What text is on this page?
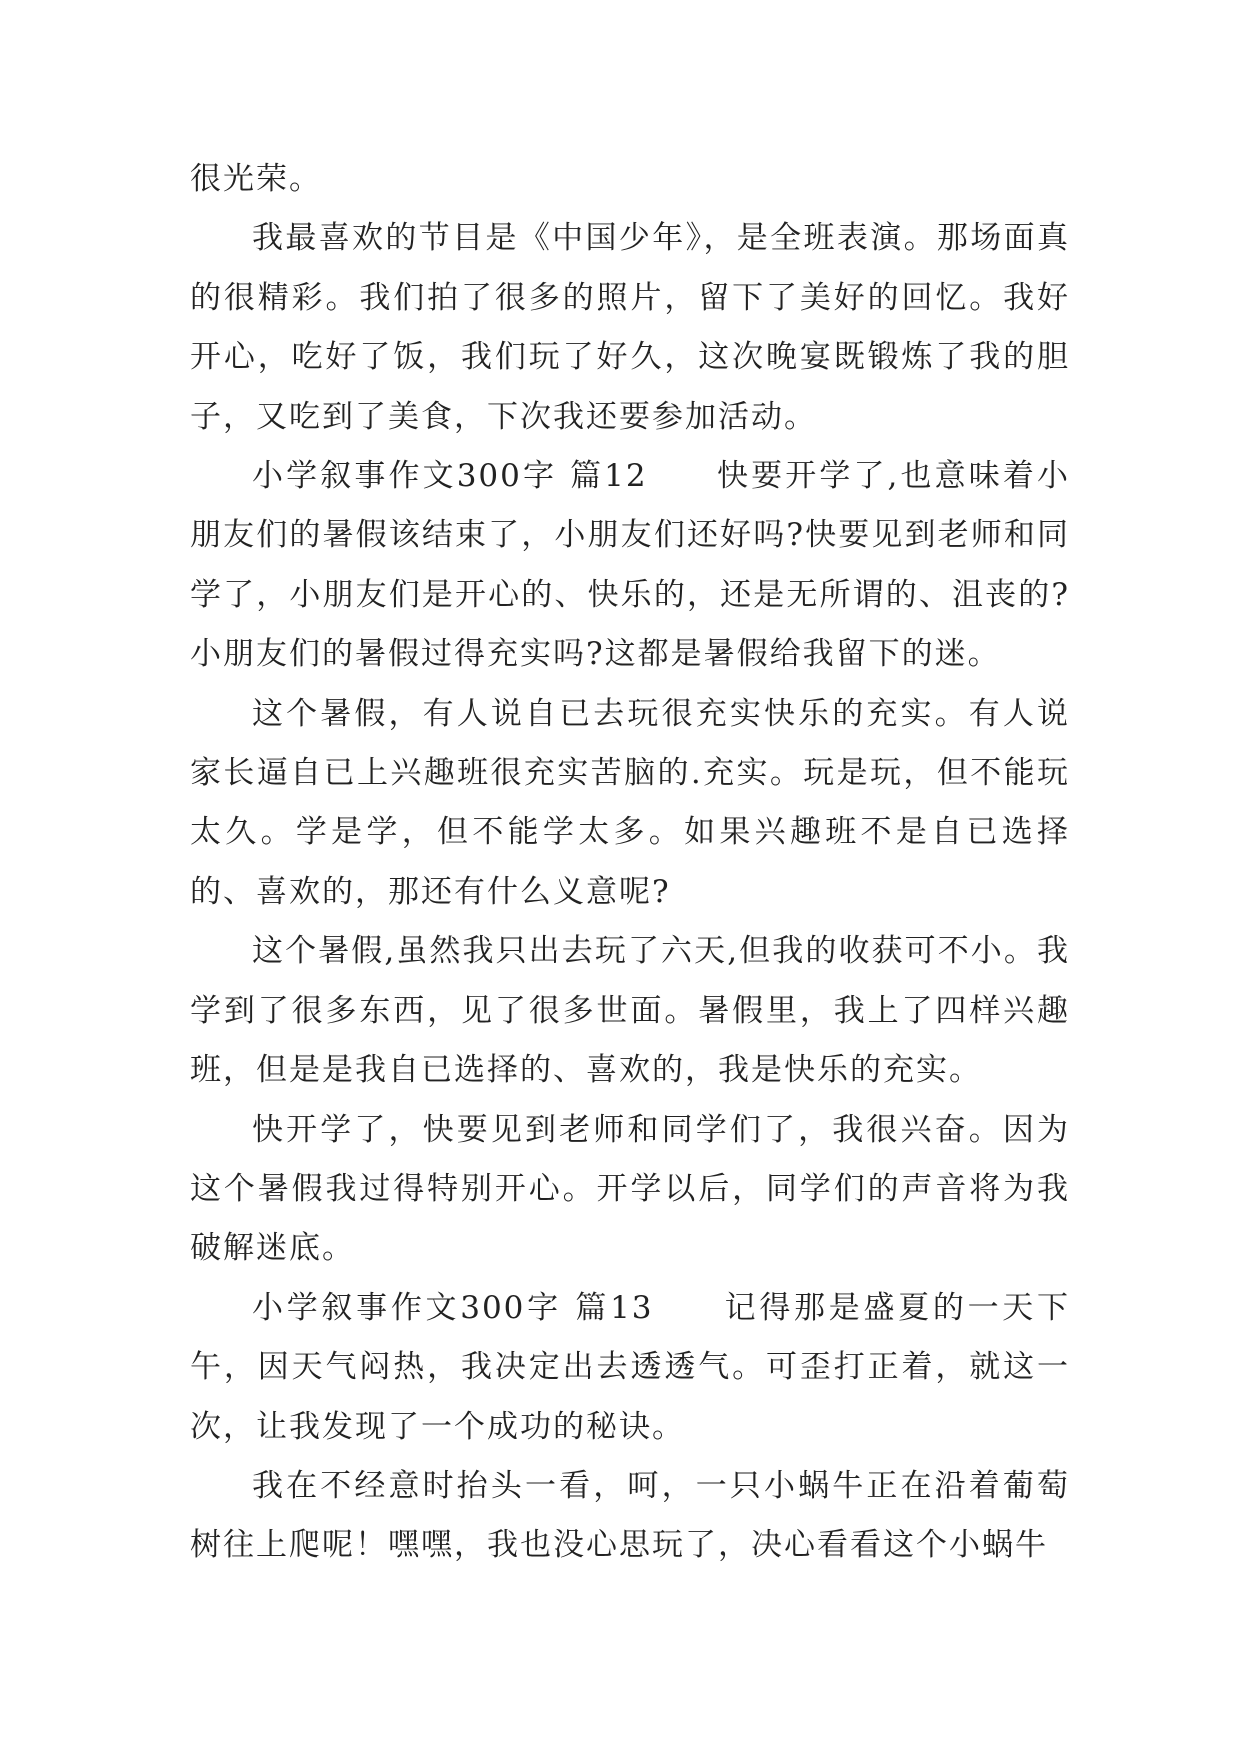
很光荣。

我最喜欢的节目是《中国少年》，是全班表演。那场面真的很精彩。我们拍了很多的照片，留下了美好的回忆。我好开心，吃好了饭，我们玩了好久，这次晚宴既锻炼了我的胆子，又吃到了美食，下次我还要参加活动。

小学叙事作文300字 篇12　　快要开学了,也意味着小朋友们的暑假该结束了，小朋友们还好吗?快要见到老师和同学了，小朋友们是开心的、快乐的，还是无所谓的、沮丧的?小朋友们的暑假过得充实吗?这都是暑假给我留下的迷。

这个暑假，有人说自已去玩很充实快乐的充实。有人说家长逼自已上兴趣班很充实苦脑的.充实。玩是玩，但不能玩太久。学是学，但不能学太多。如果兴趣班不是自已选择的、喜欢的，那还有什么义意呢?

这个暑假,虽然我只出去玩了六天,但我的收获可不小。我学到了很多东西，见了很多世面。暑假里，我上了四样兴趣班，但是是我自已选择的、喜欢的，我是快乐的充实。

快开学了，快要见到老师和同学们了，我很兴奋。因为这个暑假我过得特别开心。开学以后，同学们的声音将为我破解迷底。

小学叙事作文300字 篇13　　记得那是盛夏的一天下午，因天气闷热，我决定出去透透气。可歪打正着，就这一次，让我发现了一个成功的秘诀。

我在不经意时抬头一看，呵，一只小蜗牛正在沿着葡萄树往上爬呢！嘿嘿，我也没心思玩了，决心看看这个小蜗牛
